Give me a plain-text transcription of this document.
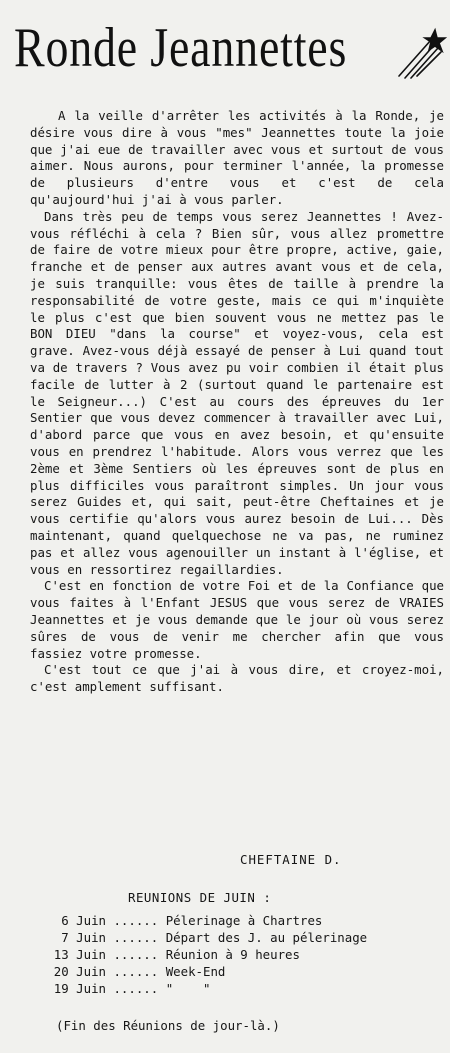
Ronde Jeannettes

A la veille d'arrêter les activités à la Ronde, je désire vous dire à vous "mes" Jeannettes toute la joie que j'ai eue de travailler avec vous et surtout de vous aimer. Nous aurons, pour terminer l'année, la promesse de plusieurs d'entre vous et c'est de cela qu'aujourd'hui j'ai à vous parler.

Dans très peu de temps vous serez Jeannettes ! Avez-vous réfléchi à cela ? Bien sûr, vous allez promettre de faire de votre mieux pour être propre, active, gaie, franche et de penser aux autres avant vous et de cela, je suis tranquille: vous êtes de taille à prendre la responsabilité de votre geste, mais ce qui m'inquiète le plus c'est que bien souvent vous ne mettez pas le BON DIEU "dans la course" et voyez-vous, cela est grave. Avez-vous déjà essayé de penser à Lui quand tout va de travers ? Vous avez pu voir combien il était plus facile de lutter à 2 (surtout quand le partenaire est le Seigneur...) C'est au cours des épreuves du 1er Sentier que vous devez commencer à travailler avec Lui, d'abord parce que vous en avez besoin, et qu'ensuite vous en prendrez l'habitude. Alors vous verrez que les 2ème et 3ème Sentiers où les épreuves sont de plus en plus difficiles vous paraîtront simples. Un jour vous serez Guides et, qui sait, peut-être Cheftaines et je vous certifie qu'alors vous aurez besoin de Lui... Dès maintenant, quand quelquechose ne va pas, ne ruminez pas et allez vous agenouiller un instant à l'église, et vous en ressortirez regaillardies.

C'est en fonction de votre Foi et de la Confiance que vous faites à l'Enfant JESUS que vous serez de VRAIES Jeannettes et je vous demande que le jour où vous serez sûres de vous de venir me chercher afin que vous fassiez votre promesse.

C'est tout ce que j'ai à vous dire, et croyez-moi, c'est amplement suffisant.

CHEFTAINE D.
REUNIONS DE JUIN :
6 Juin ...... Pélerinage à Chartres
7 Juin ...... Départ des J. au pélerinage
13 Juin ...... Réunion à 9 heures
20 Juin ...... Week-End
19 Juin ...... "    "
(Fin des Réunions de jour-là.)
